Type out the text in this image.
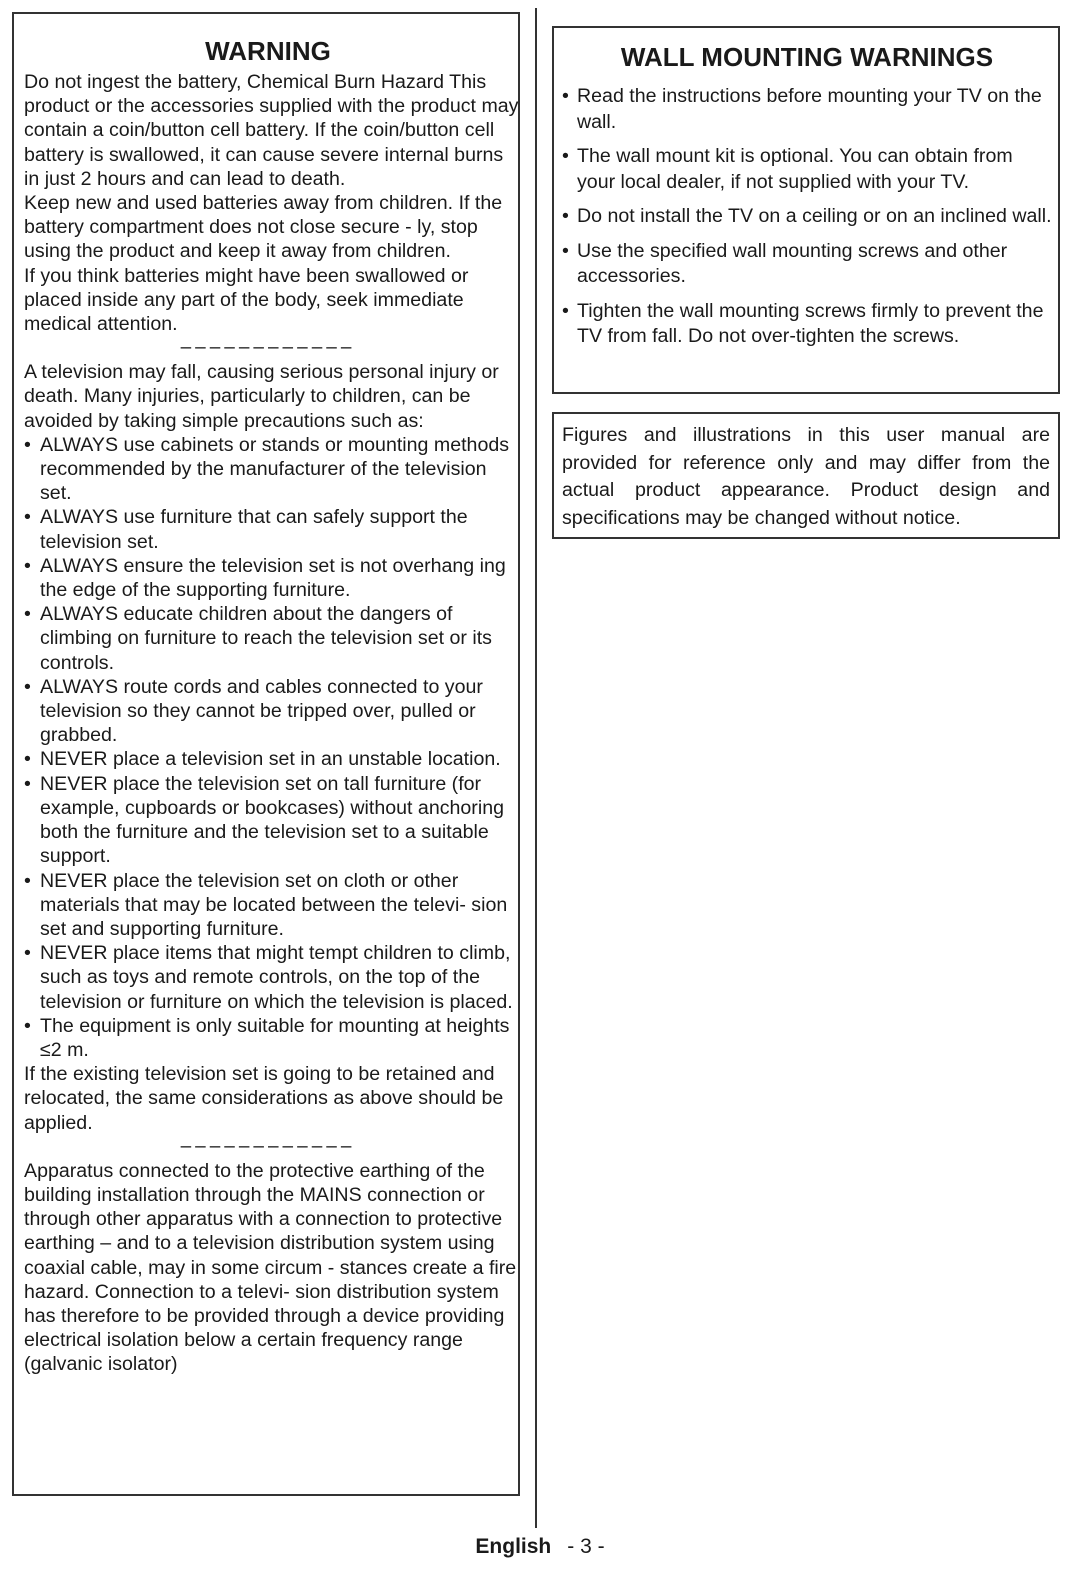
WARNING

Do not ingest the battery, Chemical Burn Hazard This product or the accessories supplied with the product may contain a coin/button cell battery. If the coin/button cell battery is swallowed, it can cause severe internal burns in just 2 hours and can lead to death.

Keep new and used batteries away from children. If the battery compartment does not close secure - ly, stop using the product and keep it away from children.

If you think batteries might have been swallowed or placed inside any part of the body, seek immediate medical attention.

––––––––––––

A television may fall, causing serious personal injury or death. Many injuries, particularly to children, can be avoided by taking simple precautions such as:

• ALWAYS use cabinets or stands or mounting methods recommended by the manufacturer of the television set.
• ALWAYS use furniture that can safely support the television set.
• ALWAYS ensure the television set is not overhang ing the edge of the supporting furniture.
• ALWAYS educate children about the dangers of climbing on furniture to reach the television set or its controls.
• ALWAYS route cords and cables connected to your television so they cannot be tripped over, pulled or grabbed.
• NEVER place a television set in an unstable location.
• NEVER place the television set on tall furniture (for example, cupboards or bookcases) without anchoring both the furniture and the television set to a suitable support.
• NEVER place the television set on cloth or other materials that may be located between the televi- sion set and supporting furniture.
• NEVER place items that might tempt children to climb, such as toys and remote controls, on the top of the television or furniture on which the television is placed.
• The equipment is only suitable for mounting at heights ≤2 m.

If the existing television set is going to be retained and relocated, the same considerations as above should be applied.

––––––––––––

Apparatus connected to the protective earthing of the building installation through the MAINS connection or through other apparatus with a connection to protective earthing – and to a television distribution system using coaxial cable, may in some circum - stances create a fire hazard. Connection to a televi- sion distribution system has therefore to be provided through a device providing electrical isolation below a certain frequency range (galvanic isolator)

WALL MOUNTING WARNINGS
• Read the instructions before mounting your TV on the wall.
• The wall mount kit is optional. You can obtain from your local dealer, if not supplied with your TV.
• Do not install the TV on a ceiling or on an inclined wall.
• Use the specified wall mounting screws and other accessories.
• Tighten the wall mounting screws firmly to prevent the TV from fall. Do not over-tighten the screws.

Figures and illustrations in this user manual are provided for reference only and may differ from the actual product appearance. Product design and specifications may be changed without notice.

English - 3 -
